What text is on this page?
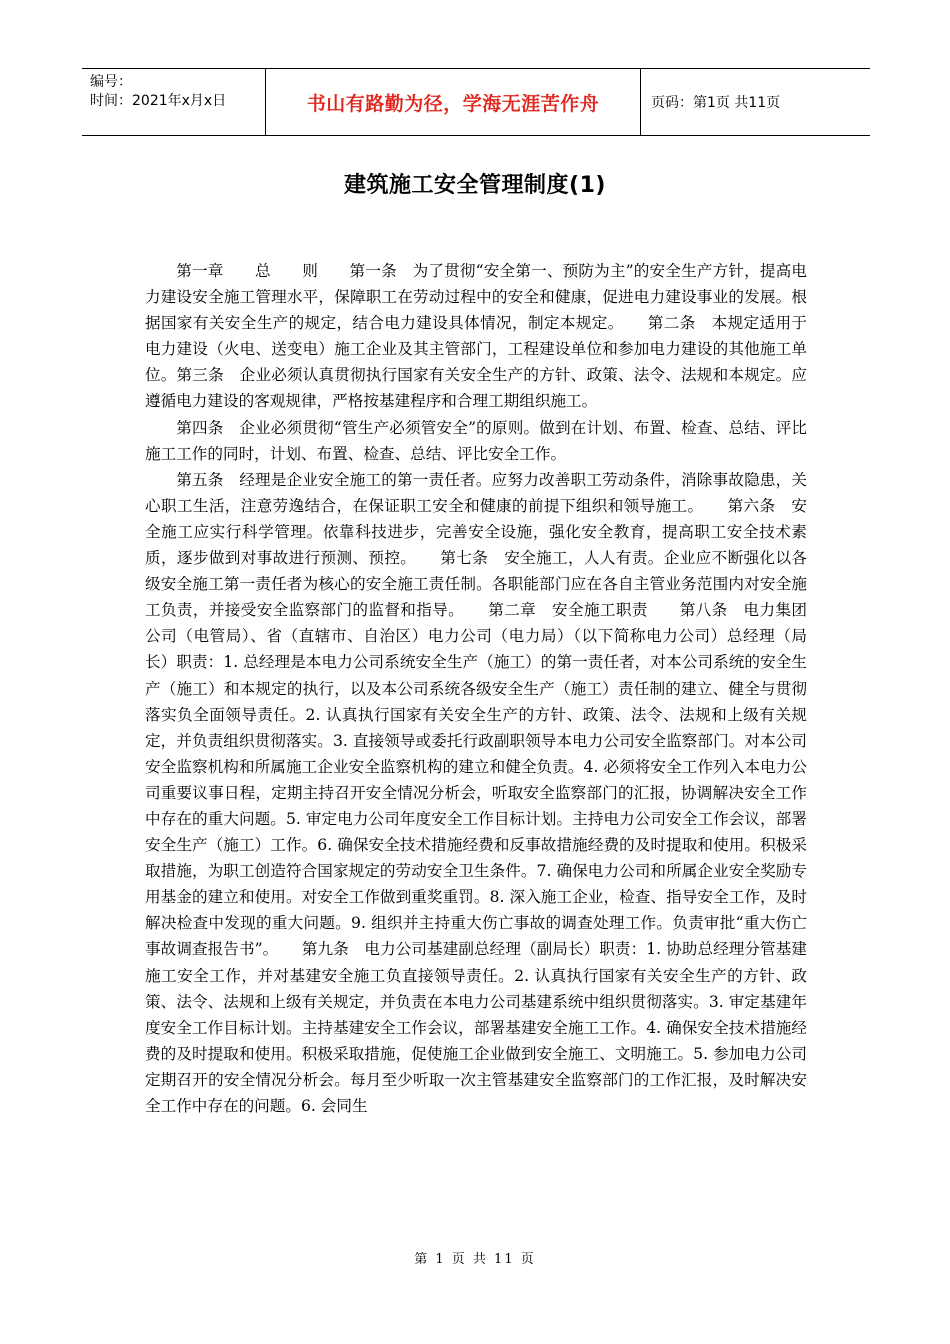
编号：
时间：2021年x月x日	书山有路勤为径，学海无涯苦作舟	页码：第1页 共11页
建筑施工安全管理制度(1)

第一章　　总　　则　　第一条　为了贯彻“安全第一、预防为主”的安全生产方针，提高电力建设安全施工管理水平，保障职工在劳动过程中的安全和健康，促进电力建设事业的发展。根据国家有关安全生产的规定，结合电力建设具体情况，制定本规定。　　第二条　本规定适用于电力建设（火电、送变电）施工企业及其主管部门，工程建设单位和参加电力建设的其他施工单位。第三条　企业必须认真贯彻执行国家有关安全生产的方针、政策、法令、法规和本规定。应遵循电力建设的客观规律，严格按基建程序和合理工期组织施工。

第四条　企业必须贯彻“管生产必须管安全”的原则。做到在计划、布置、检查、总结、评比施工工作的同时，计划、布置、检查、总结、评比安全工作。

第五条　经理是企业安全施工的第一责任者。应努力改善职工劳动条件，消除事故隐患，关心职工生活，注意劳逸结合，在保证职工安全和健康的前提下组织和领导施工。　　第六条　安全施工应实行科学管理。依靠科技进步，完善安全设施，强化安全教育，提高职工安全技术素质，逐步做到对事故进行预测、预控。　　第七条　安全施工，人人有责。企业应不断强化以各级安全施工第一责任者为核心的安全施工责任制。各职能部门应在各自主管业务范围内对安全施工负责，并接受安全监察部门的监督和指导。　　第二章　安全施工职责　　第八条　电力集团公司（电管局）、省（直辖市、自治区）电力公司（电力局）（以下简称电力公司）总经理（局长）职责：1. 总经理是本电力公司系统安全生产（施工）的第一责任者，对本公司系统的安全生产（施工）和本规定的执行，以及本公司系统各级安全生产（施工）责任制的建立、健全与贯彻落实负全面领导责任。2. 认真执行国家有关安全生产的方针、政策、法令、法规和上级有关规定，并负责组织贯彻落实。3. 直接领导或委托行政副职领导本电力公司安全监察部门。对本公司安全监察机构和所属施工企业安全监察机构的建立和健全负责。4. 必须将安全工作列入本电力公司重要议事日程，定期主持召开安全情况分析会，听取安全监察部门的汇报，协调解决安全工作中存在的重大问题。5. 审定电力公司年度安全工作目标计划。主持电力公司安全工作会议，部署安全生产（施工）工作。6. 确保安全技术措施经费和反事故措施经费的及时提取和使用。积极采取措施，为职工创造符合国家规定的劳动安全卫生条件。7. 确保电力公司和所属企业安全奖励专用基金的建立和使用。对安全工作做到重奖重罚。8. 深入施工企业，检查、指导安全工作，及时解决检查中发现的重大问题。9. 组织并主持重大伤亡事故的调查处理工作。负责审批“重大伤亡事故调查报告书”。　　第九条　电力公司基建副总经理（副局长）职责：1. 协助总经理分管基建施工安全工作，并对基建安全施工负直接领导责任。2. 认真执行国家有关安全生产的方针、政策、法令、法规和上级有关规定，并负责在本电力公司基建系统中组织贯彻落实。3. 审定基建年度安全工作目标计划。主持基建安全工作会议，部署基建安全施工工作。4. 确保安全技术措施经费的及时提取和使用。积极采取措施，促使施工企业做到安全施工、文明施工。5. 参加电力公司定期召开的安全情况分析会。每月至少听取一次主管基建安全监察部门的工作汇报，及时解决安全工作中存在的问题。6. 会同生

第 1 页 共 11 页
